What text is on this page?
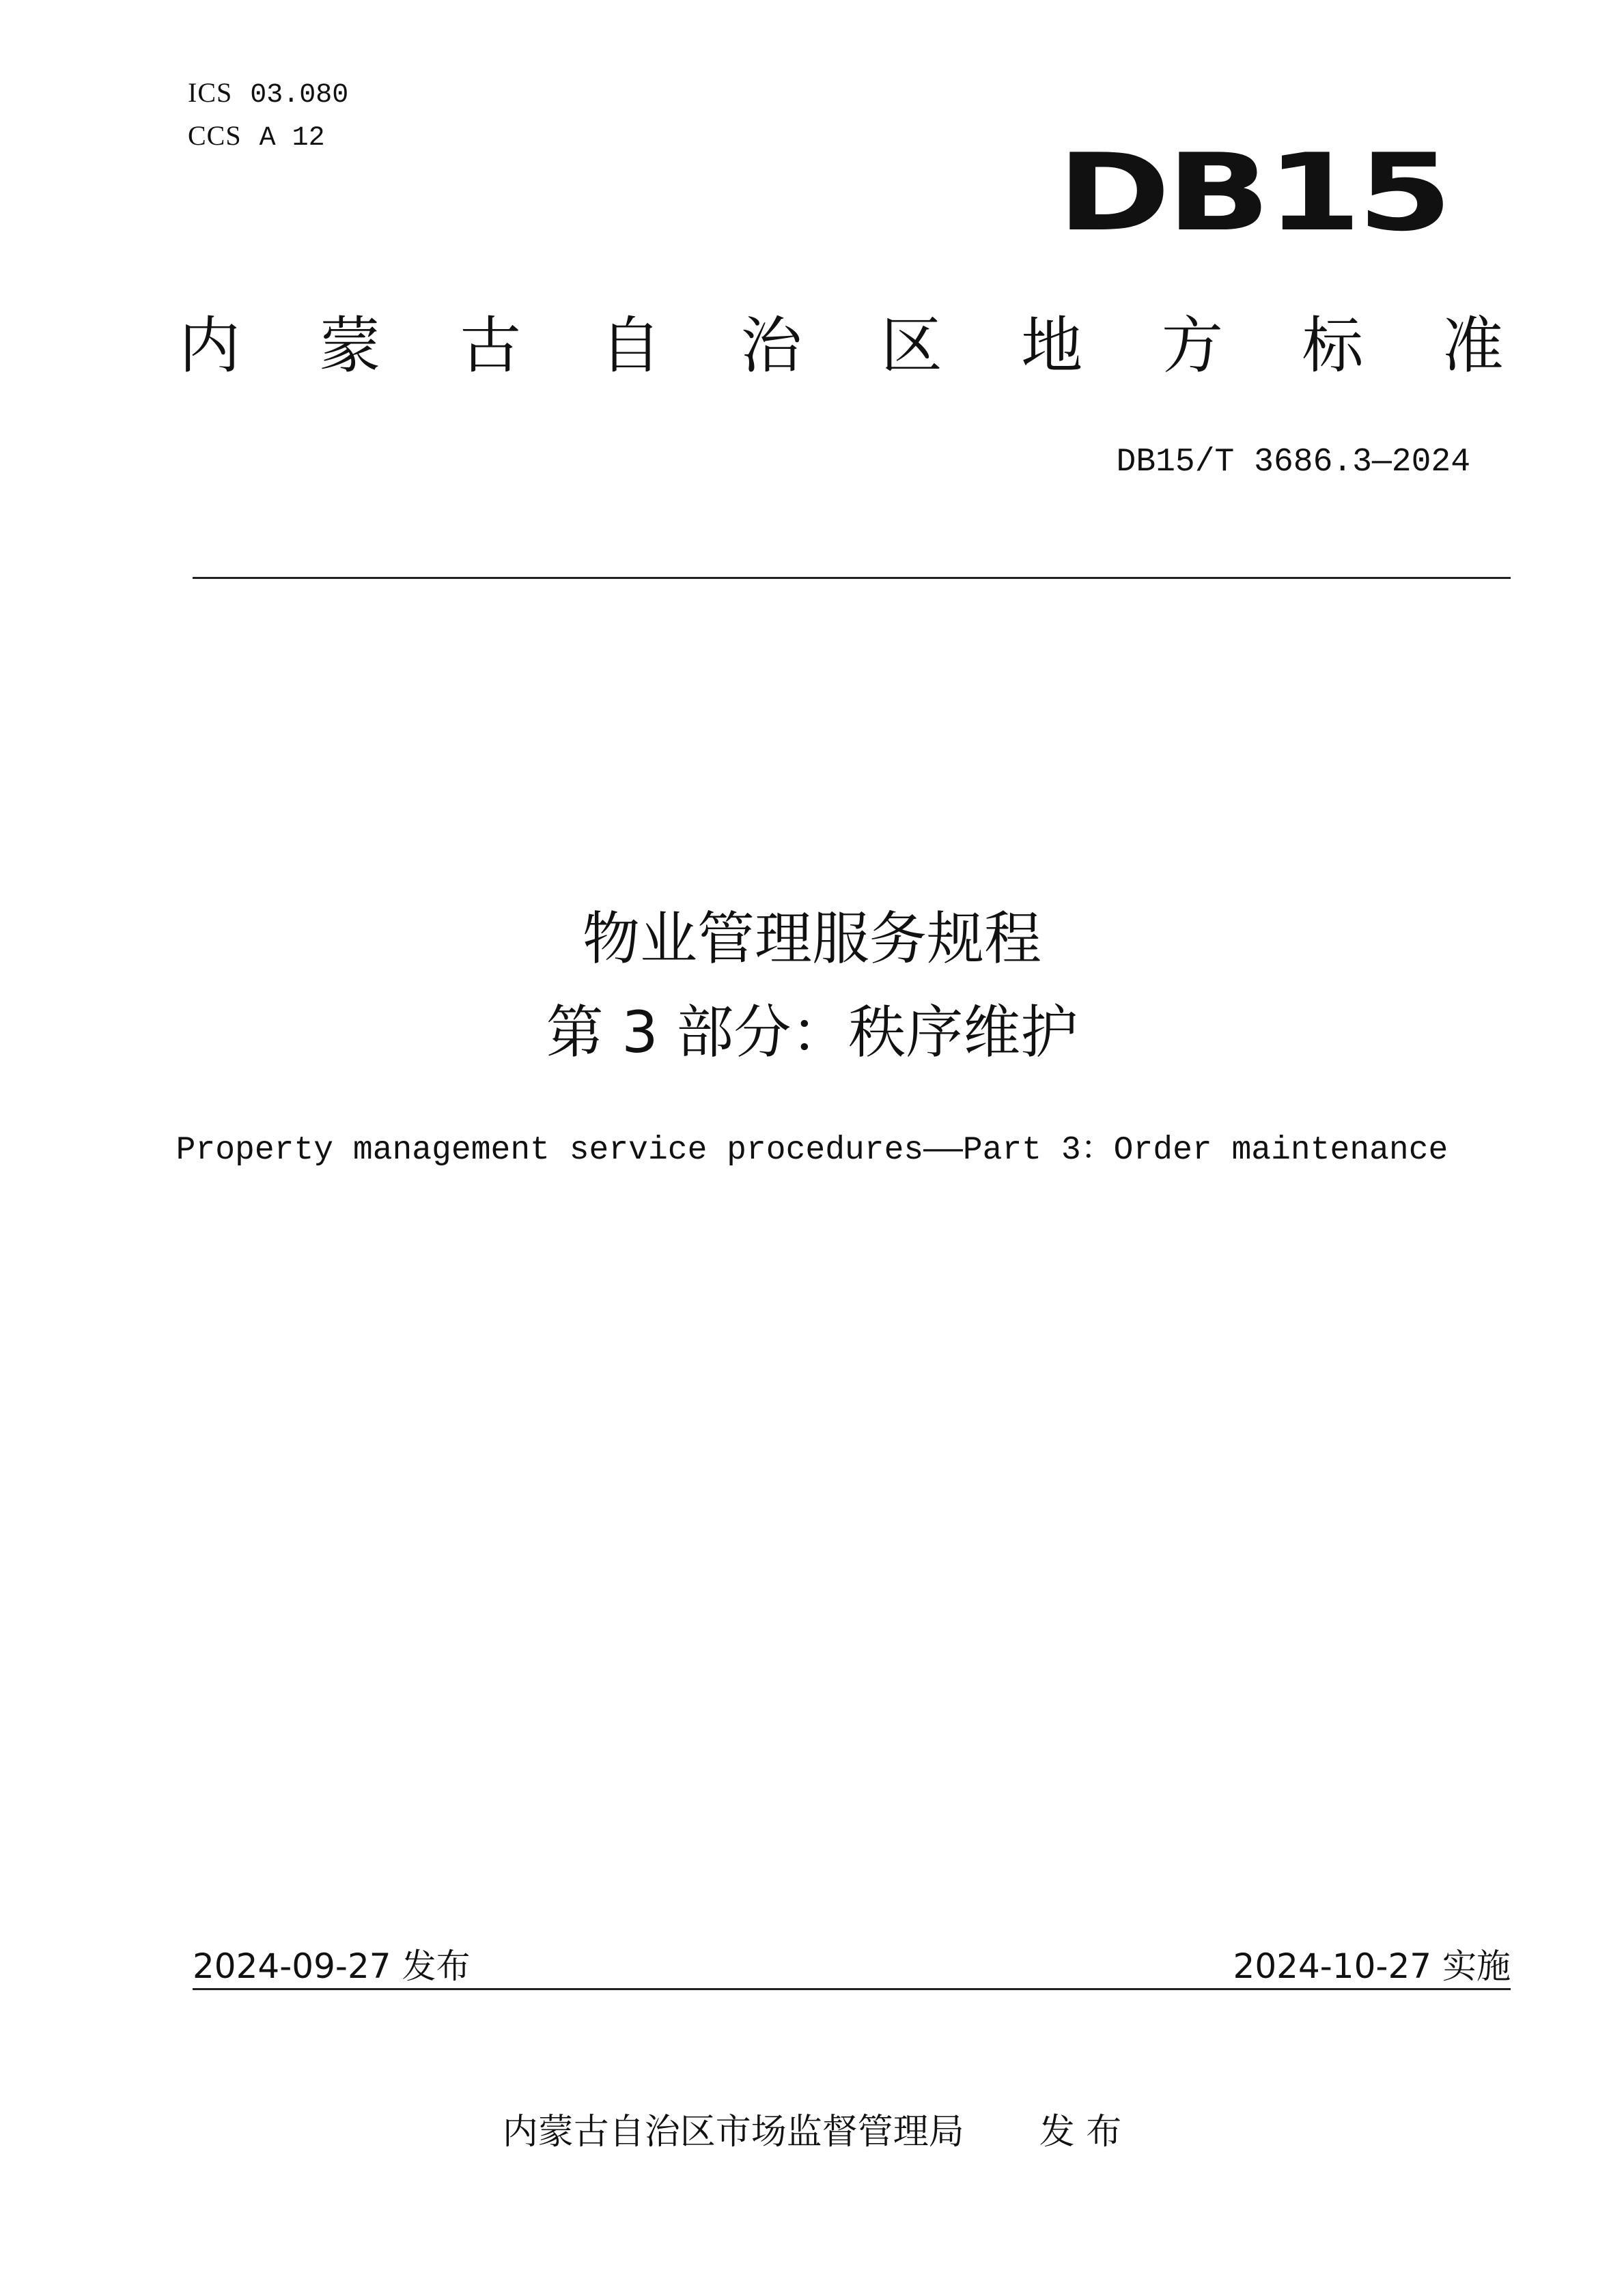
ICS 03.080
CCS A 12	DB15
内 蒙 古 自 治 区 地 方 标 准
DB15/T 3686.3—2024
物业管理服务规程
第 3 部分：秩序维护
Property management service procedures——Part 3：Order maintenance
2024-09-27 发布	2024-10-27 实施
内蒙古自治区市场监督管理局 发 布
